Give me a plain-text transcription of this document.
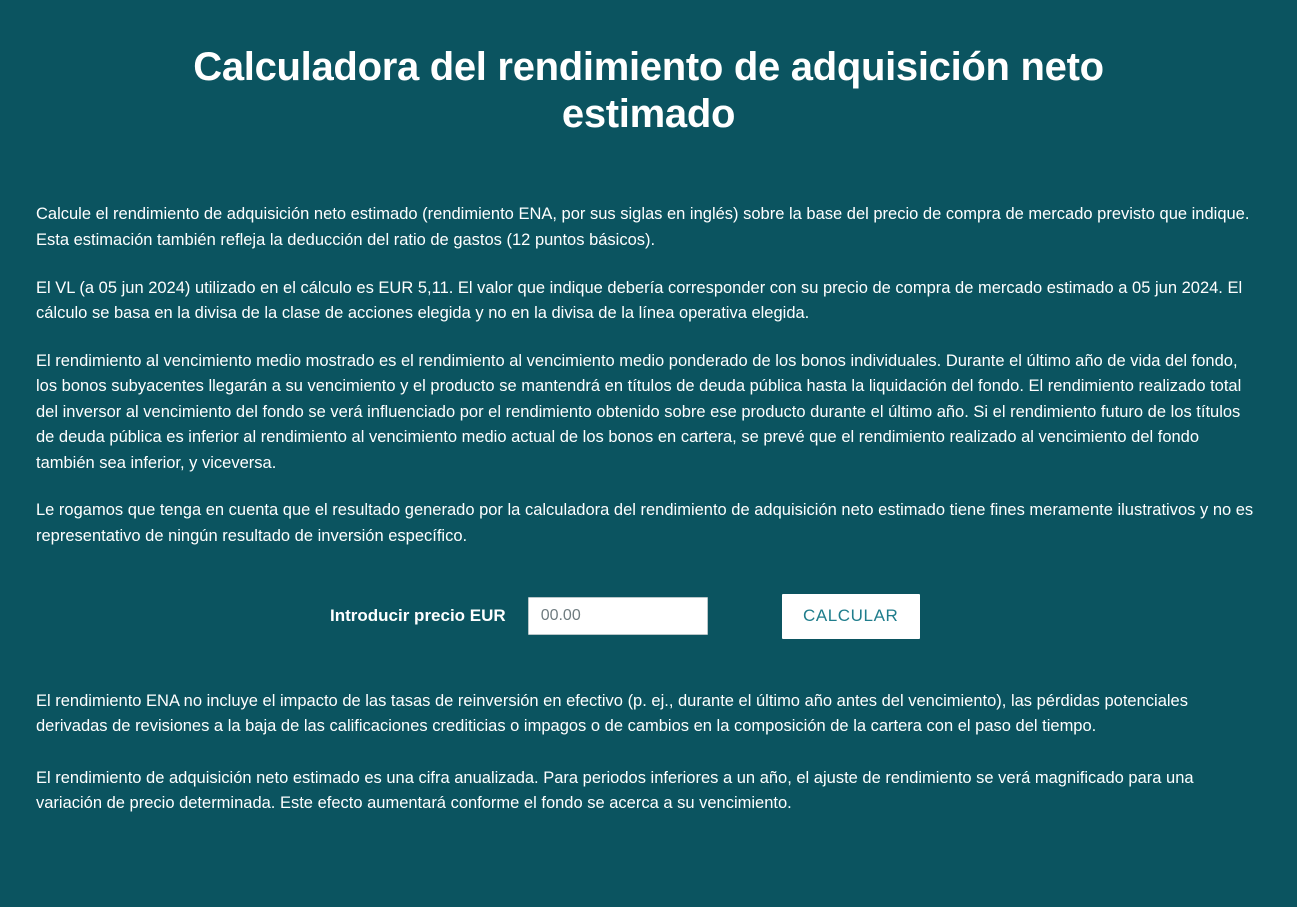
Calculadora del rendimiento de adquisición neto estimado

Calcule el rendimiento de adquisición neto estimado (rendimiento ENA, por sus siglas en inglés) sobre la base del precio de compra de mercado previsto que indique. Esta estimación también refleja la deducción del ratio de gastos (12 puntos básicos).

El VL (a 05 jun 2024) utilizado en el cálculo es EUR 5,11. El valor que indique debería corresponder con su precio de compra de mercado estimado a 05 jun 2024. El cálculo se basa en la divisa de la clase de acciones elegida y no en la divisa de la línea operativa elegida.

El rendimiento al vencimiento medio mostrado es el rendimiento al vencimiento medio ponderado de los bonos individuales. Durante el último año de vida del fondo, los bonos subyacentes llegarán a su vencimiento y el producto se mantendrá en títulos de deuda pública hasta la liquidación del fondo. El rendimiento realizado total del inversor al vencimiento del fondo se verá influenciado por el rendimiento obtenido sobre ese producto durante el último año. Si el rendimiento futuro de los títulos de deuda pública es inferior al rendimiento al vencimiento medio actual de los bonos en cartera, se prevé que el rendimiento realizado al vencimiento del fondo también sea inferior, y viceversa.

Le rogamos que tenga en cuenta que el resultado generado por la calculadora del rendimiento de adquisición neto estimado tiene fines meramente ilustrativos y no es representativo de ningún resultado de inversión específico.

Introducir precio EUR
00.00	CALCULAR

El rendimiento ENA no incluye el impacto de las tasas de reinversión en efectivo (p. ej., durante el último año antes del vencimiento), las pérdidas potenciales derivadas de revisiones a la baja de las calificaciones crediticias o impagos o de cambios en la composición de la cartera con el paso del tiempo.

El rendimiento de adquisición neto estimado es una cifra anualizada. Para periodos inferiores a un año, el ajuste de rendimiento se verá magnificado para una variación de precio determinada. Este efecto aumentará conforme el fondo se acerca a su vencimiento.
